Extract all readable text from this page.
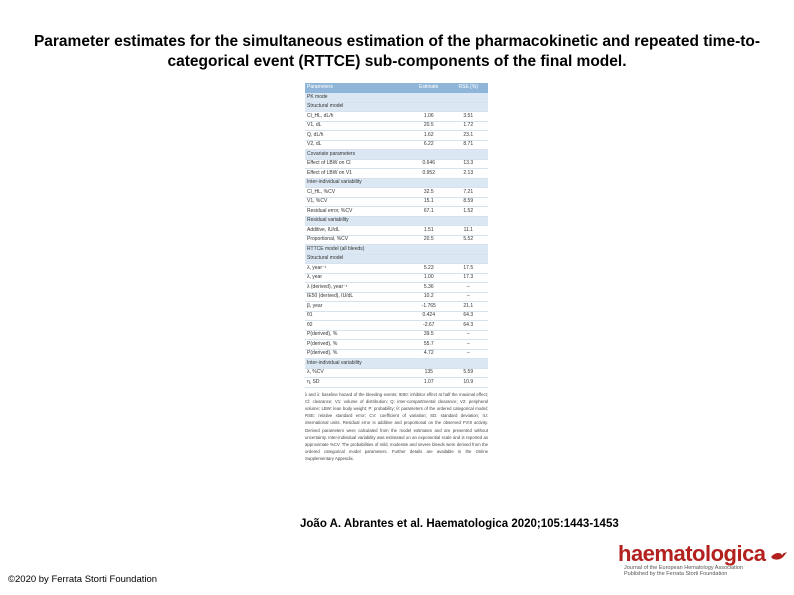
Parameter estimates for the simultaneous estimation of the pharmacokinetic and repeated time-to-categorical event (RTTCE) sub-components of the final model.
Parameters	Estimate	RSE (%)
PK mode		
Structural model		
Cl_HL, dL/h	1.06	3.51
V1, dL	20.5	1.72
Q, dL/h	1.62	23.1
V2, dL	6.22	8.71
Covariate parameters		
Effect of LBW on Cl	0.646	13.3
Effect of LBW on V1	0.952	2.13
Inter-individual variability		
Cl_HL, %CV	32.5	7.21
V1, %CV	15.1	8.59
Residual error, %CV	67.1	1.52
Residual variability		
Additive, IU/dL	1.51	11.1
Proportional, %CV	20.5	5.52
RTTCE model (all bleeds)		
Structural model		
λ, year⁻¹	5.23	17.5
λ, year	1.00	17.3
λ (derived), year⁻¹	5.36	–
IE50 (derived), IU/dL	10.2	–
β, year	-1.765	21.1
θ1	0.424	64.3
θ2	-2.67	64.3
P(derived), %	39.5	–
P(derived), %	55.7	–
P(derived), %	4.72	–
Inter-individual variability		
λ, %CV	135	5.59
η, SD	1.07	10.9
λ and λ: baseline hazard of the bleeding events; IE50: inhibitor effect at half the maximal effect; Cl: clearance; V1: volume of distribution; Q: inter-compartmental clearance; V2: peripheral volume; LBW: lean body weight; P: probability; θ: parameters of the ordered categorical model; RSE: relative standard error; CV: coefficient of variation; SD: standard deviation; IU: international units. Residual error is additive and proportional on the observed FVIII activity. Derived parameters were calculated from the model estimates and are presented without uncertainty. Inter-individual variability was estimated on an exponential scale and is reported as approximate %CV. The probabilities of mild, moderate and severe bleeds were derived from the ordered categorical model parameters. Further details are available in the Online Supplementary Appendix.
João A. Abrantes et al. Haematologica 2020;105:1443-1453
©2020 by Ferrata Storti Foundation
haematologica
Journal of the European Hematology Association
Published by the Ferrata Storti Foundation
